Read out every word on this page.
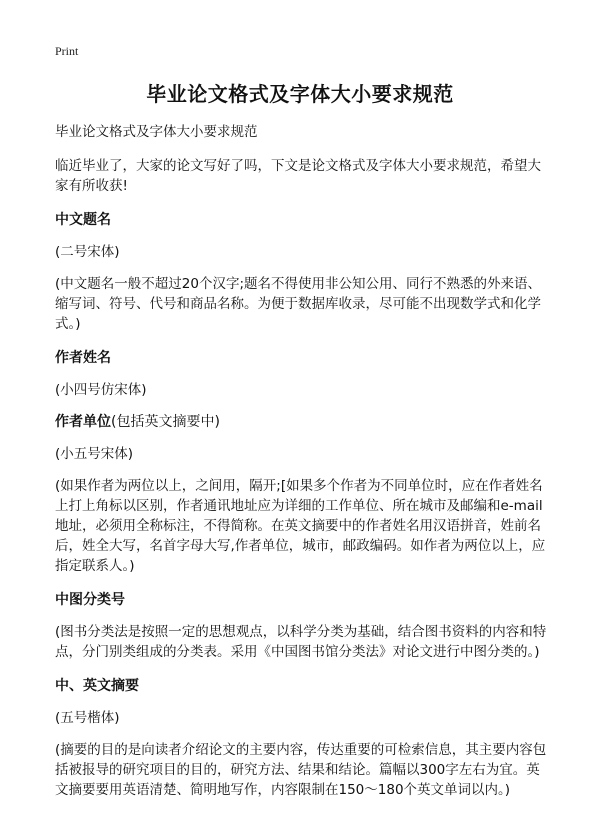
Print
毕业论文格式及字体大小要求规范

毕业论文格式及字体大小要求规范

临近毕业了，大家的论文写好了吗，下文是论文格式及字体大小要求规范，希望大家有所收获!

中文题名

(二号宋体)

(中文题名一般不超过20个汉字;题名不得使用非公知公用、同行不熟悉的外来语、缩写词、符号、代号和商品名称。为便于数据库收录，尽可能不出现数学式和化学式。)

作者姓名

(小四号仿宋体)

作者单位(包括英文摘要中)

(小五号宋体)

(如果作者为两位以上，之间用，隔开;[如果多个作者为不同单位时，应在作者姓名上打上角标以区别，作者通讯地址应为详细的工作单位、所在城市及邮编和e-mail地址，必须用全称标注，不得简称。在英文摘要中的作者姓名用汉语拼音，姓前名后，姓全大写，名首字母大写,作者单位，城市，邮政编码。如作者为两位以上，应指定联系人。)

中图分类号

(图书分类法是按照一定的思想观点，以科学分类为基础，结合图书资料的内容和特点，分门别类组成的分类表。采用《中国图书馆分类法》对论文进行中图分类的。)

中、英文摘要

(五号楷体)

(摘要的目的是向读者介绍论文的主要内容，传达重要的可检索信息，其主要内容包括被报导的研究项目的目的，研究方法、结果和结论。篇幅以300字左右为宜。英文摘要要用英语清楚、简明地写作，内容限制在150～180个英文单词以内。)
